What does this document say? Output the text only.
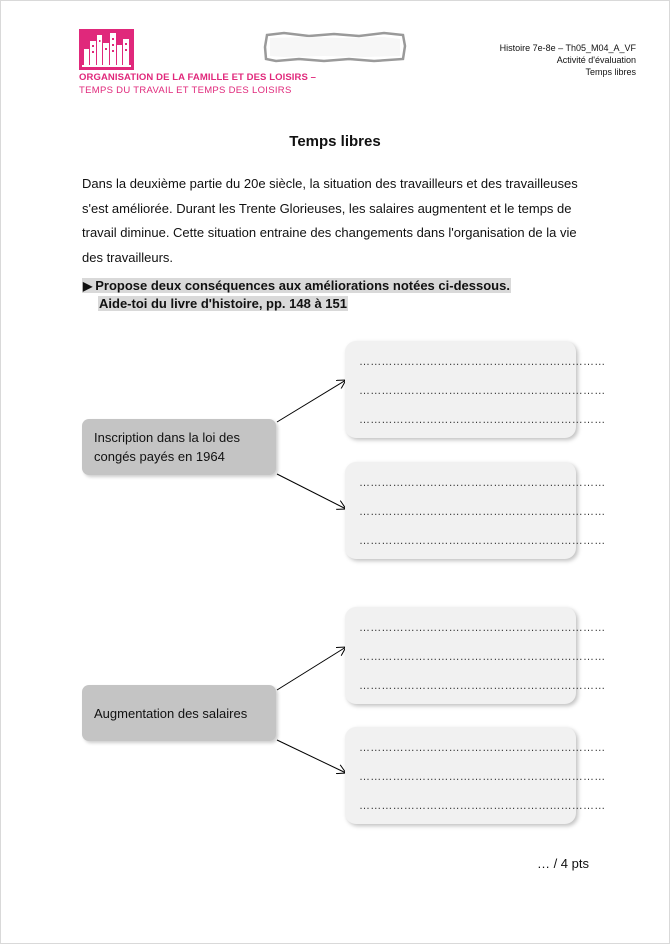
ORGANISATION DE LA FAMILLE ET DES LOISIRS –
TEMPS DU TRAVAIL ET TEMPS DES LOISIRS
Histoire 7e-8e – Th05_M04_A_VF
Activité d'évaluation
Temps libres
Temps libres
Dans la deuxième partie du 20e siècle, la situation des travailleurs et des travailleuses s'est améliorée. Durant les Trente Glorieuses, les salaires augmentent et le temps de travail diminue. Cette situation entraine des changements dans l'organisation de la vie des travailleurs.
▶ Propose deux conséquences aux améliorations notées ci-dessous.
Aide-toi du livre d'histoire, pp. 148 à 151
Inscription dans la loi des congés payés en 1964
…………………………………………………………
…………………………………………………………
…………………………………………………………
…………………………………………………………
…………………………………………………………
…………………………………………………………
Augmentation des salaires
…………………………………………………………
…………………………………………………………
…………………………………………………………
…………………………………………………………
…………………………………………………………
…………………………………………………………
… / 4 pts
